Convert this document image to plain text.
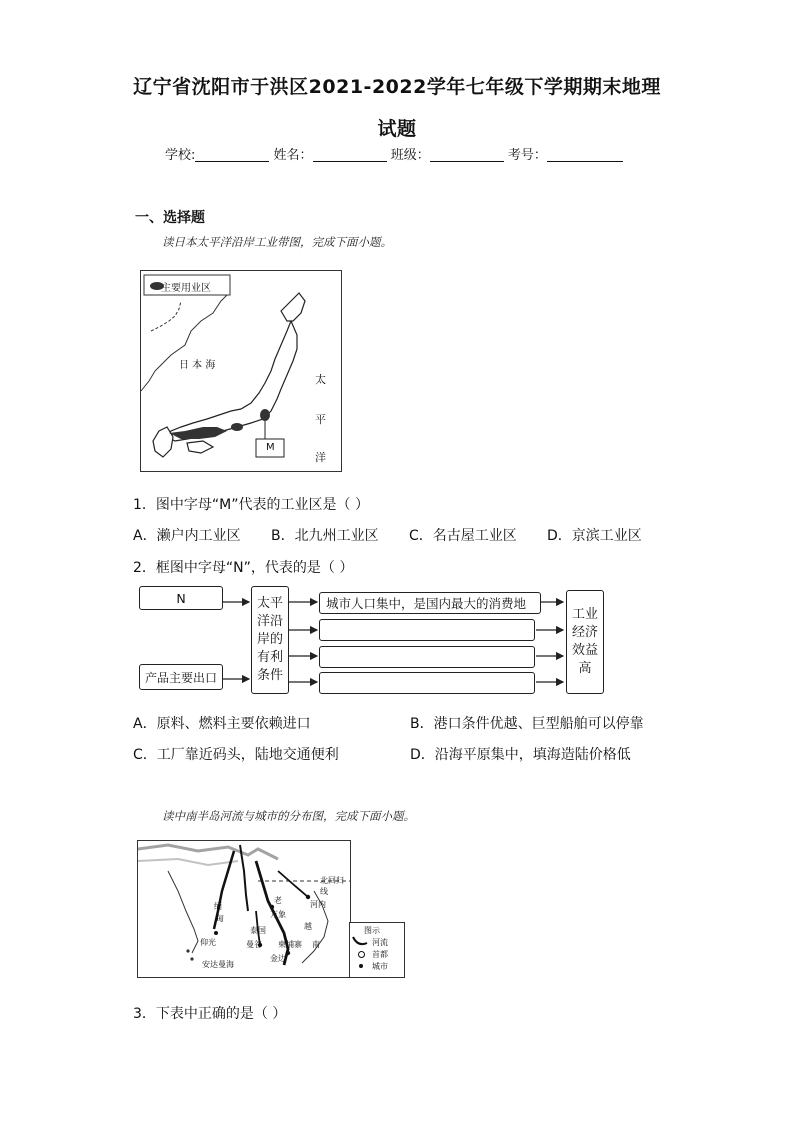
辽宁省沈阳市于洪区2021-2022学年七年级下学期期末地理
试题
学校:	姓名：	班级：	考号：
一、选择题
读日本太平洋沿岸工业带图，完成下面小题。
主要用业区
日 本 海
太
平
洋
M
1．图中字母“M”代表的工业区是（ ）
A．濑户内工业区 B．北九州工业区 C．名古屋工业区 D．京滨工业区
2．框图中字母“N”，代表的是（ ）
N
产品主要出口
太平洋沿岸的有利条件
城市人口集中，是国内最大的消费地
工业经济效益高
A．原料、燃料主要依赖进口	B．港口条件优越、巨型船舶可以停靠
C．工厂靠近码头，陆地交通便利	D．沿海平原集中，填海造陆价格低
读中南半岛河流与城市的分布图，完成下面小题。
北回归线
缅
甸
仰光	曼谷
金边
安达曼海
泰国
万象
河内
柬埔寨
老
越
南
图示
河流
首都
城市
3．下表中正确的是（ ）
